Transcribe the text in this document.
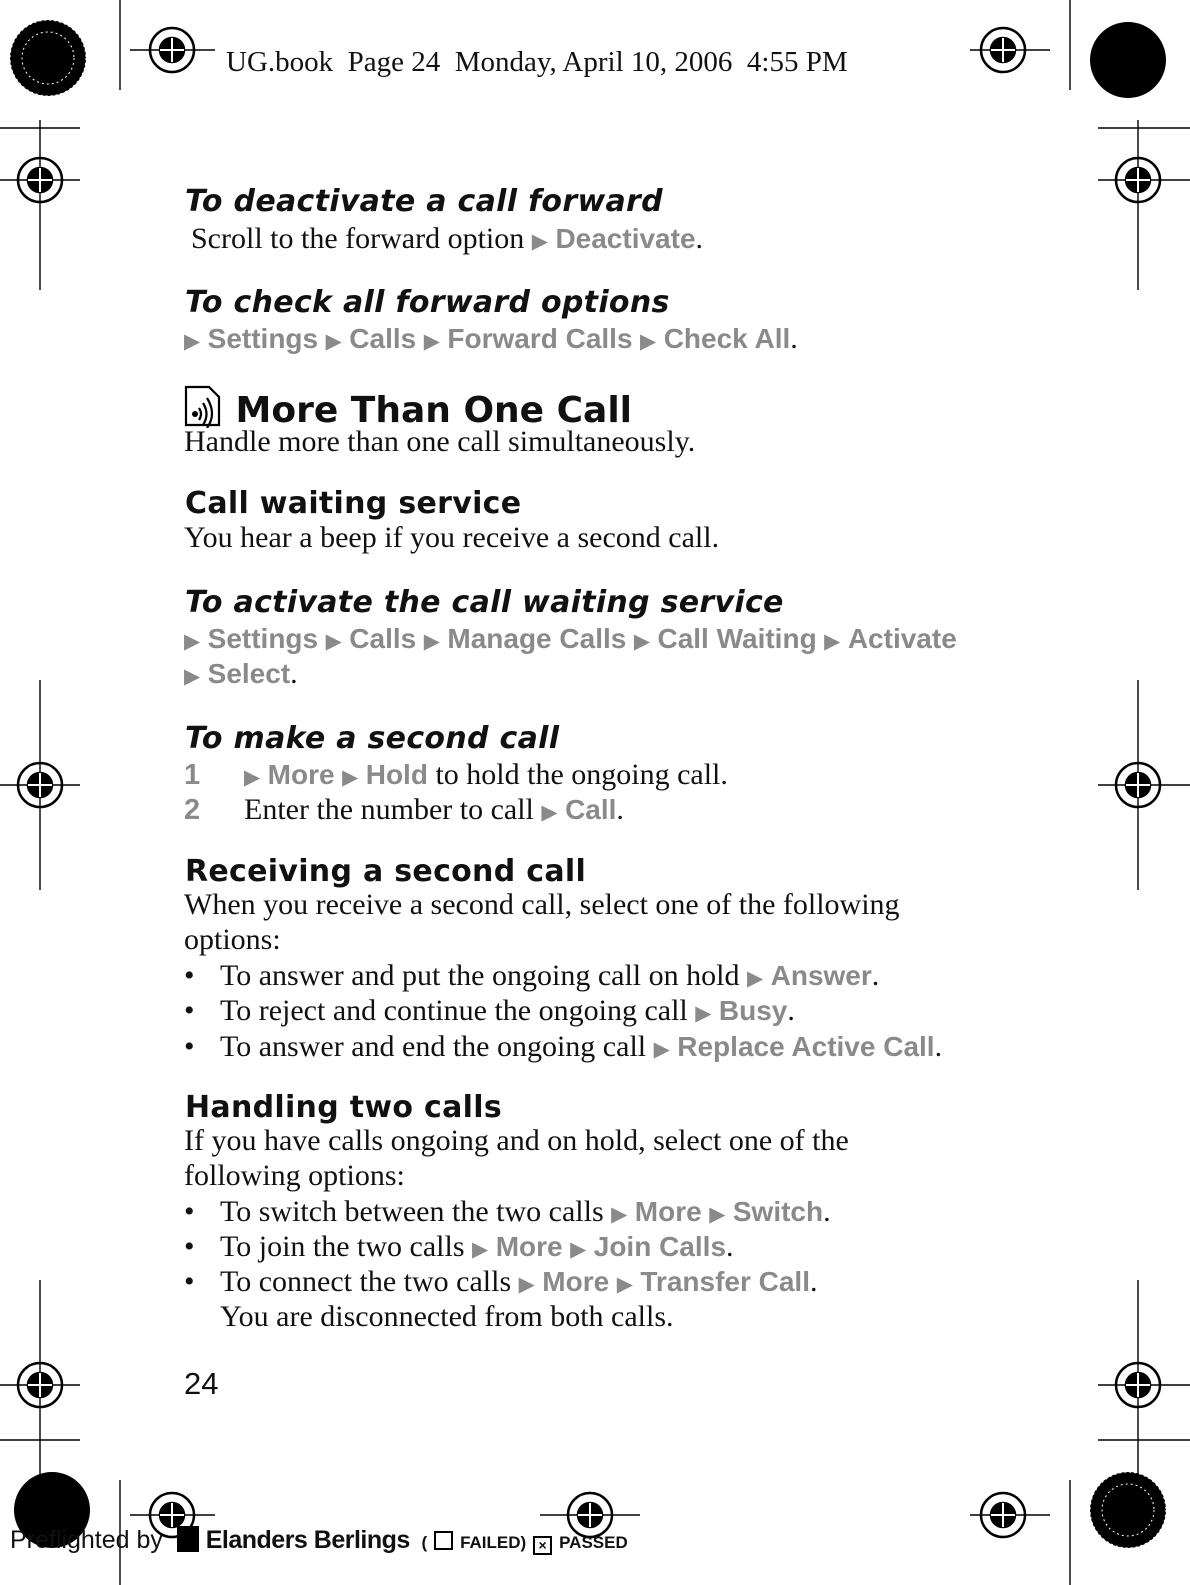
UG.book  Page 24  Monday, April 10, 2006  4:55 PM
To deactivate a call forward
Scroll to the forward option ▶ Deactivate.
To check all forward options
▶ Settings ▶ Calls ▶ Forward Calls ▶ Check All.
More Than One Call
Handle more than one call simultaneously.
Call waiting service
You hear a beep if you receive a second call.
To activate the call waiting service
▶ Settings ▶ Calls ▶ Manage Calls ▶ Call Waiting ▶ Activate
▶ Select.
To make a second call
1 ▶ More ▶ Hold to hold the ongoing call.
2 Enter the number to call ▶ Call.
Receiving a second call
When you receive a second call, select one of the following
options:
• To answer and put the ongoing call on hold ▶ Answer.
• To reject and continue the ongoing call ▶ Busy.
• To answer and end the ongoing call ▶ Replace Active Call.
Handling two calls
If you have calls ongoing and on hold, select one of the
following options:
• To switch between the two calls ▶ More ▶ Switch.
• To join the two calls ▶ More ▶ Join Calls.
• To connect the two calls ▶ More ▶ Transfer Call.
You are disconnected from both calls.
24
Preflighted by Elanders Berlings  ( FAILED) × PASSED
